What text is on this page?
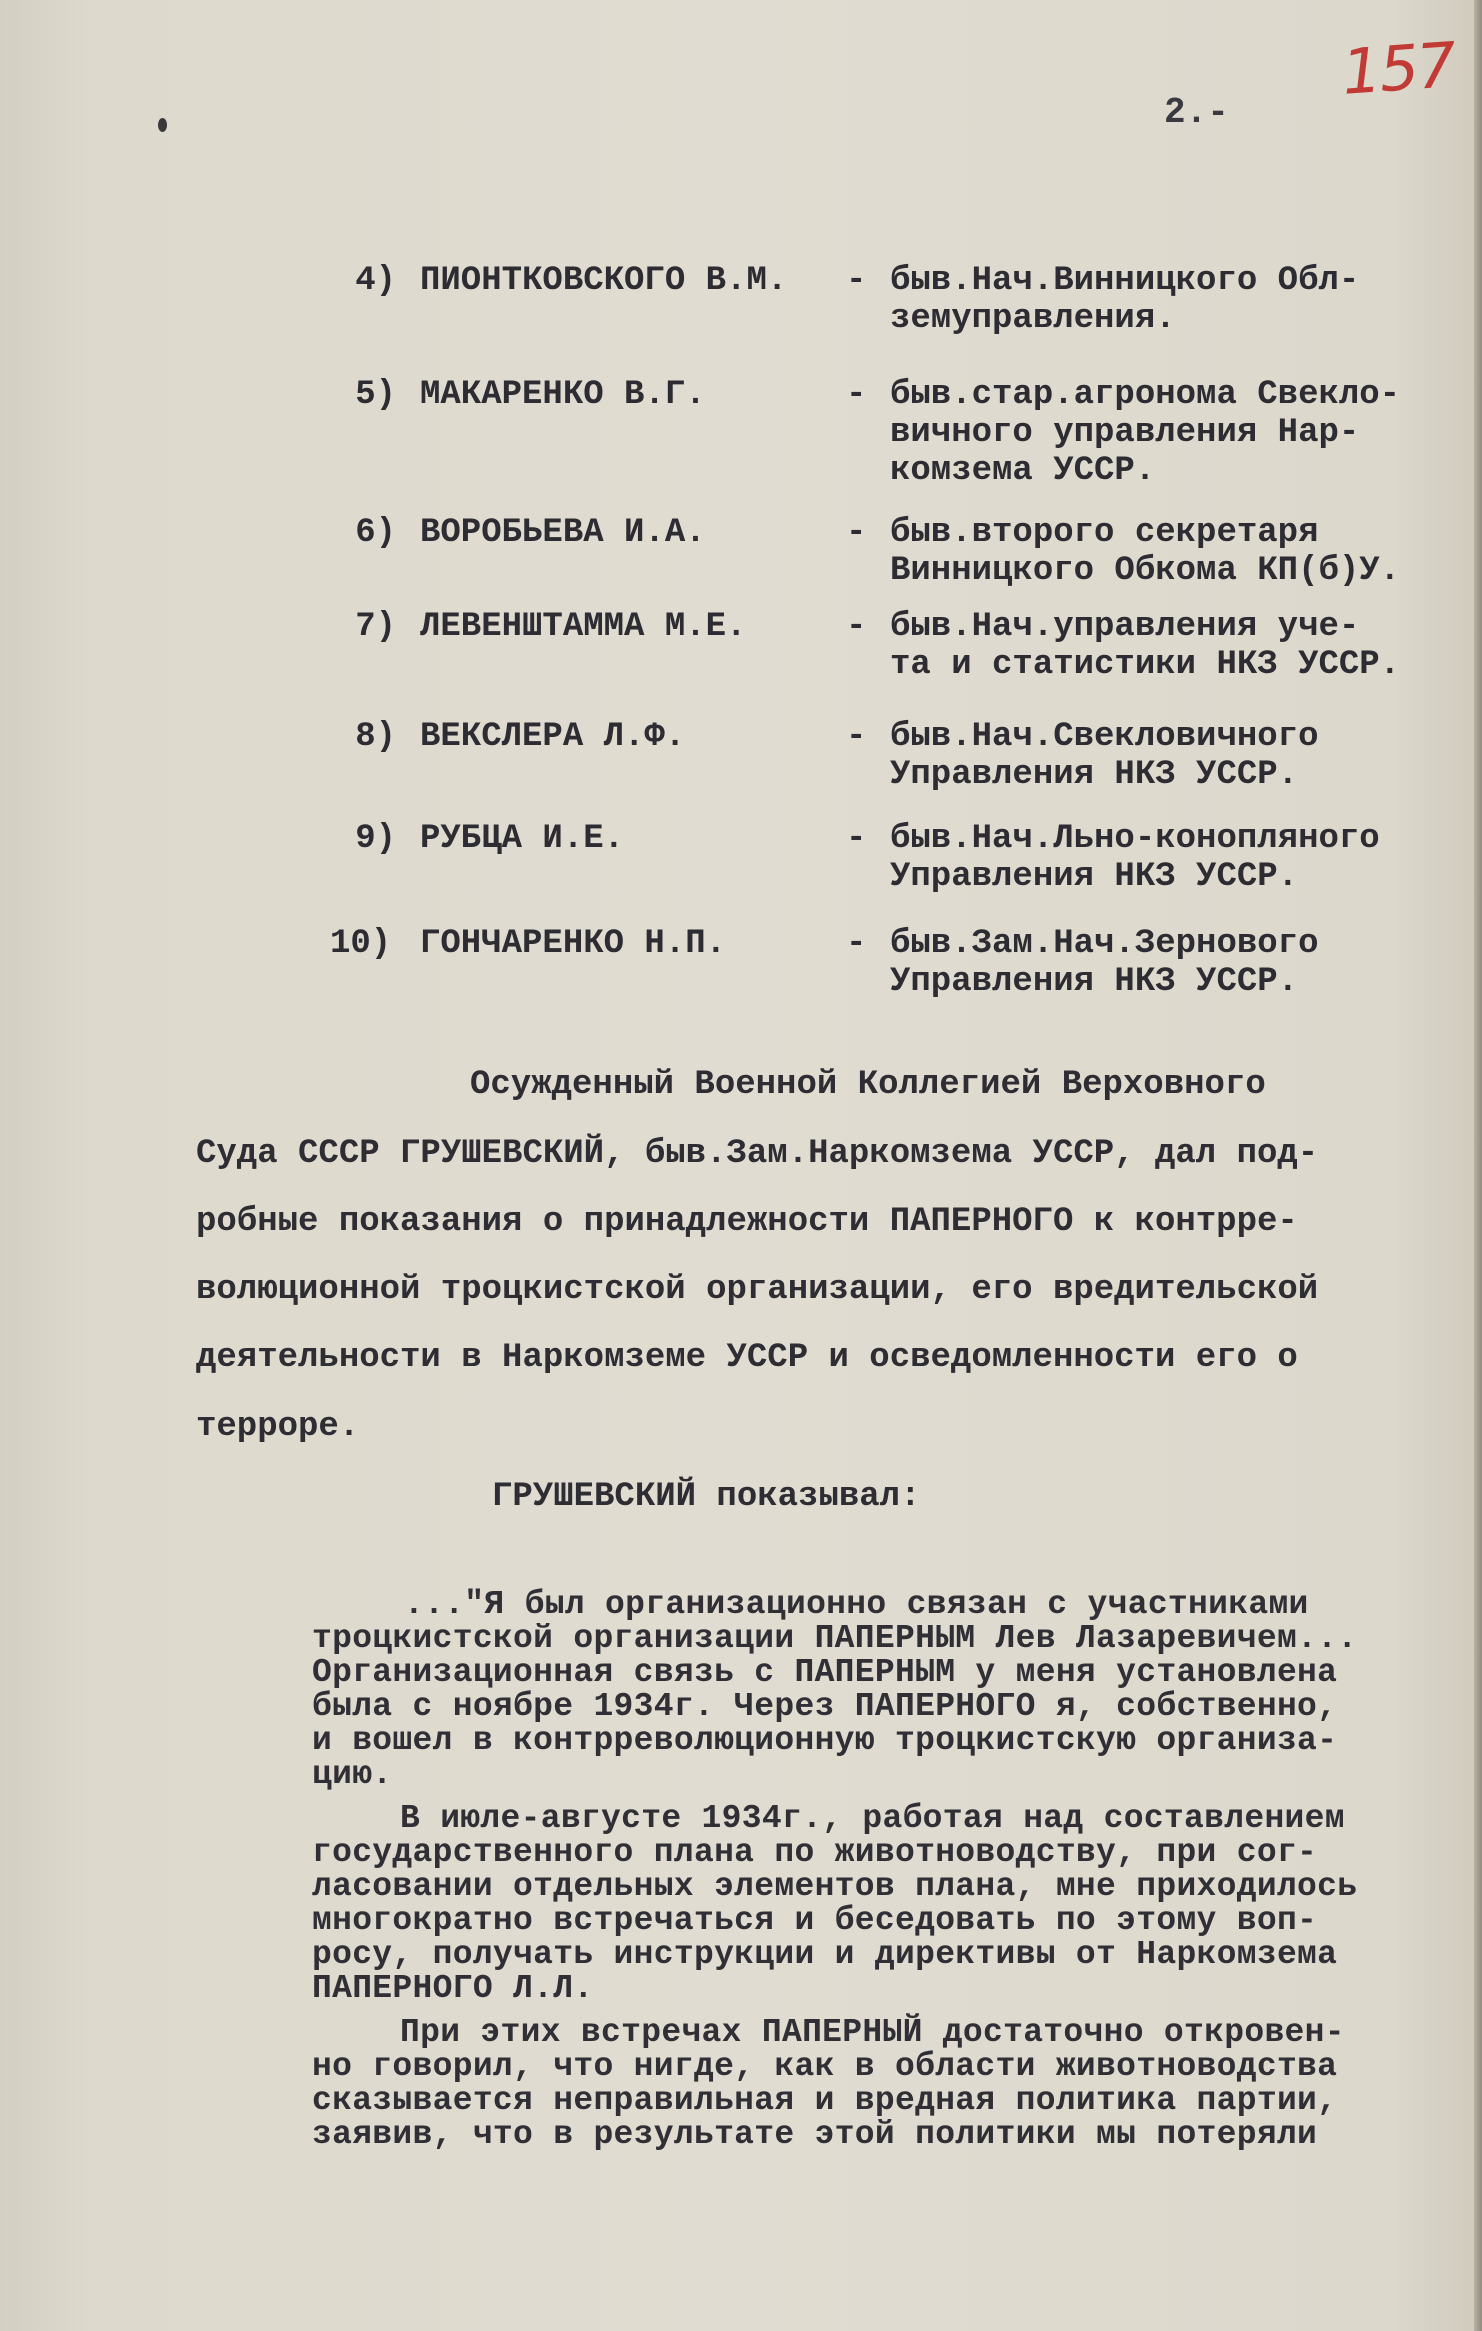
157
2.-
4) ПИОНТКОВСКОГО В.М. - быв.Нач.Винницкого Обл-
земуправления.
5) МАКАРЕНКО В.Г.	- быв.стар.агронома Свекло-
вичного управления Нар-
комзема УССР.
6) ВОРОБЬЕВА И.А.	- быв.второго секретаря
Винницкого Обкома КП(б)У.
7) ЛЕВЕНШТАММА М.Е.	- быв.Нач.управления уче-
та и статистики НКЗ УССР.
8) ВЕКСЛЕРА Л.Ф.	- быв.Нач.Свекловичного
Управления НКЗ УССР.
9) РУБЦА И.Е.	- быв.Нач.Льно-конопляного
Управления НКЗ УССР.
10) ГОНЧАРЕНКО Н.П.	- быв.Зам.Нач.Зернового
Управления НКЗ УССР.
Осужденный Военной Коллегией Верховного
Суда СССР ГРУШЕВСКИЙ, быв.Зам.Наркомзема УССР, дал под-
робные показания о принадлежности ПАПЕРНОГО к контрре-
волюционной троцкистской организации, его вредительской
деятельности в Наркомземе УССР и осведомленности его о
терроре.
ГРУШЕВСКИЙ показывал:
..."Я был организационно связан с участниками
троцкистской организации ПАПЕРНЫМ Лев Лазаревичем...
Организационная связь с ПАПЕРНЫМ у меня установлена
была с ноябре 1934г. Через ПАПЕРНОГО я, собственно,
и вошел в контрреволюционную троцкистскую организа-
цию.
В июле-августе 1934г., работая над составлением
государственного плана по животноводству, при сог-
ласовании отдельных элементов плана, мне приходилось
многократно встречаться и беседовать по этому воп-
росу, получать инструкции и директивы от Наркомзема
ПАПЕРНОГО Л.Л.
При этих встречах ПАПЕРНЫЙ достаточно откровен-
но говорил, что нигде, как в области животноводства
сказывается неправильная и вредная политика партии,
заявив, что в результате этой политики мы потеряли
